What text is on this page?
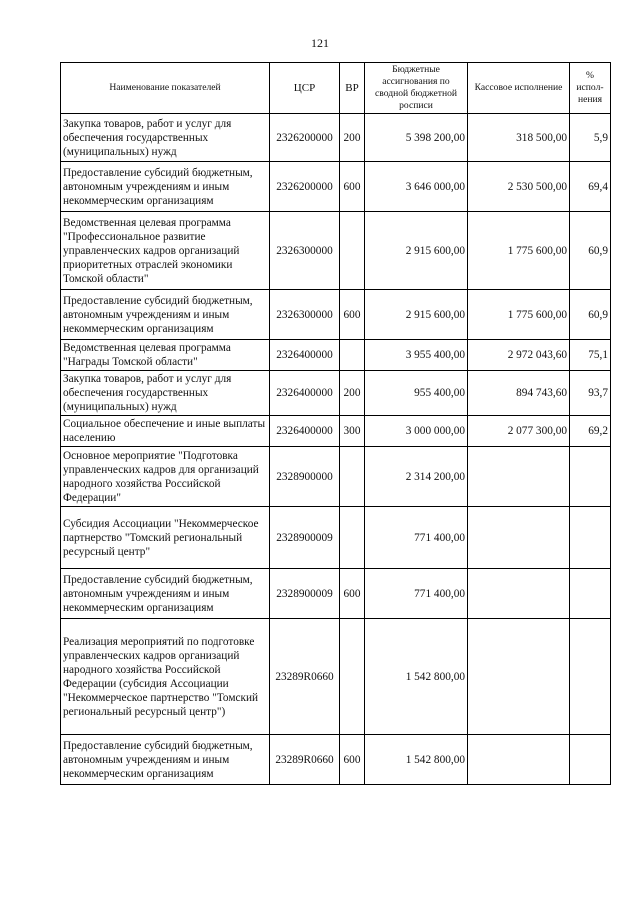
121
Наименование показателей	ЦСР	ВР	Бюджетные ассигнования по сводной бюджетной росписи	Кассовое исполнение	% испол-нения
Закупка товаров, работ и услуг для обеспечения государственных (муниципальных) нужд	2326200000	200	5 398 200,00	318 500,00	5,9
Предоставление субсидий бюджетным, автономным учреждениям и иным некоммерческим организациям	2326200000	600	3 646 000,00	2 530 500,00	69,4
Ведомственная целевая программа "Профессиональное развитие управленческих кадров организаций приоритетных отраслей экономики Томской области"	2326300000		2 915 600,00	1 775 600,00	60,9
Предоставление субсидий бюджетным, автономным учреждениям и иным некоммерческим организациям	2326300000	600	2 915 600,00	1 775 600,00	60,9
Ведомственная целевая программа "Награды Томской области"	2326400000		3 955 400,00	2 972 043,60	75,1
Закупка товаров, работ и услуг для обеспечения государственных (муниципальных) нужд	2326400000	200	955 400,00	894 743,60	93,7
Социальное обеспечение и иные выплаты населению	2326400000	300	3 000 000,00	2 077 300,00	69,2
Основное мероприятие "Подготовка управленческих кадров для организаций народного хозяйства Российской Федерации"	2328900000		2 314 200,00		
Субсидия Ассоциации "Некоммерческое партнерство "Томский региональный ресурсный центр"	2328900009		771 400,00		
Предоставление субсидий бюджетным, автономным учреждениям и иным некоммерческим организациям	2328900009	600	771 400,00		
Реализация мероприятий по подготовке управленческих кадров организаций народного хозяйства Российской Федерации (субсидия Ассоциации "Некоммерческое партнерство "Томский региональный ресурсный центр")	23289R0660		1 542 800,00		
Предоставление субсидий бюджетным, автономным учреждениям и иным некоммерческим организациям	23289R0660	600	1 542 800,00		
